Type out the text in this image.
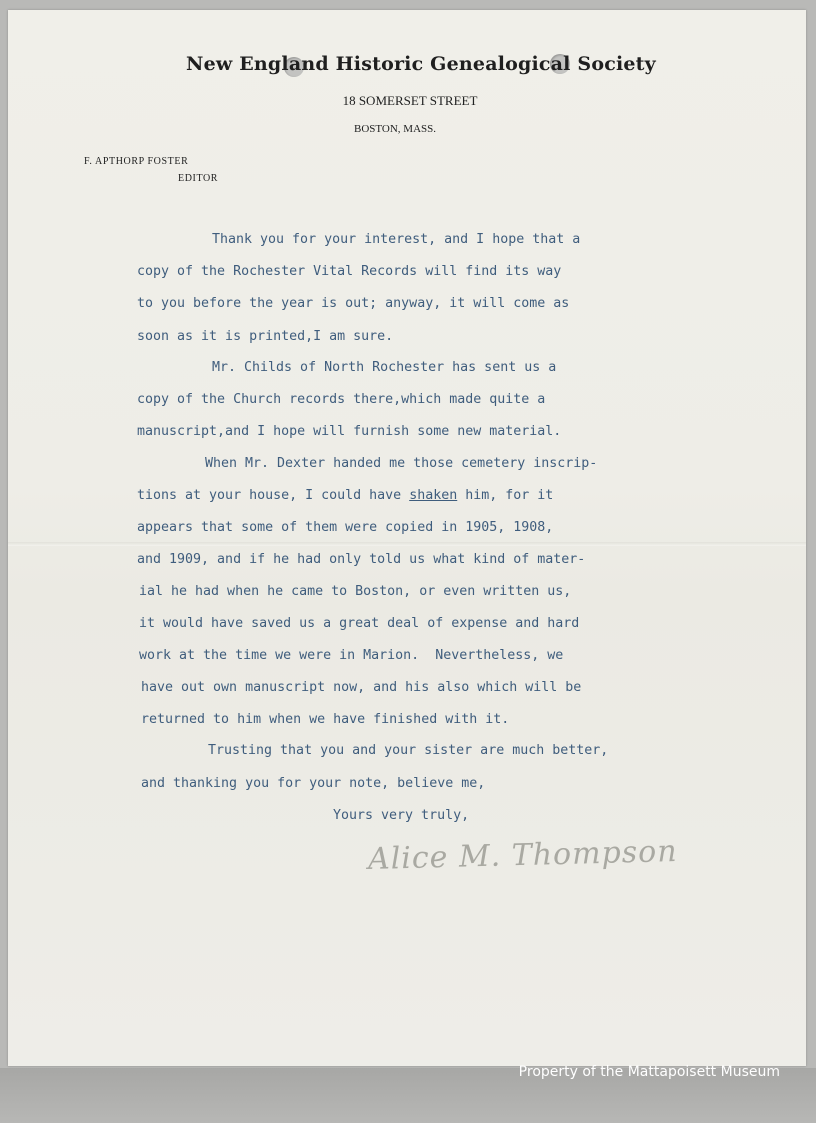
New England Historic Genealogical Society
18 SOMERSET STREET
BOSTON, MASS.
F. APTHORP FOSTER
EDITOR
Thank you for your interest, and I hope that a
copy of the Rochester Vital Records will find its way
to you before the year is out; anyway, it will come as
soon as it is printed,I am sure.
Mr. Childs of North Rochester has sent us a
copy of the Church records there,which made quite a
manuscript,and I hope will furnish some new material.
When Mr. Dexter handed me those cemetery inscrip-
tions at your house, I could have shaken him, for it
appears that some of them were copied in 1905, 1908,
and 1909, and if he had only told us what kind of mater-
ial he had when he came to Boston, or even written us,
it would have saved us a great deal of expense and hard
work at the time we were in Marion.  Nevertheless, we
have out own manuscript now, and his also which will be
returned to him when we have finished with it.
Trusting that you and your sister are much better,
and thanking you for your note, believe me,
Yours very truly,
Alice M. Thompson
Property of the Mattapoisett Museum
